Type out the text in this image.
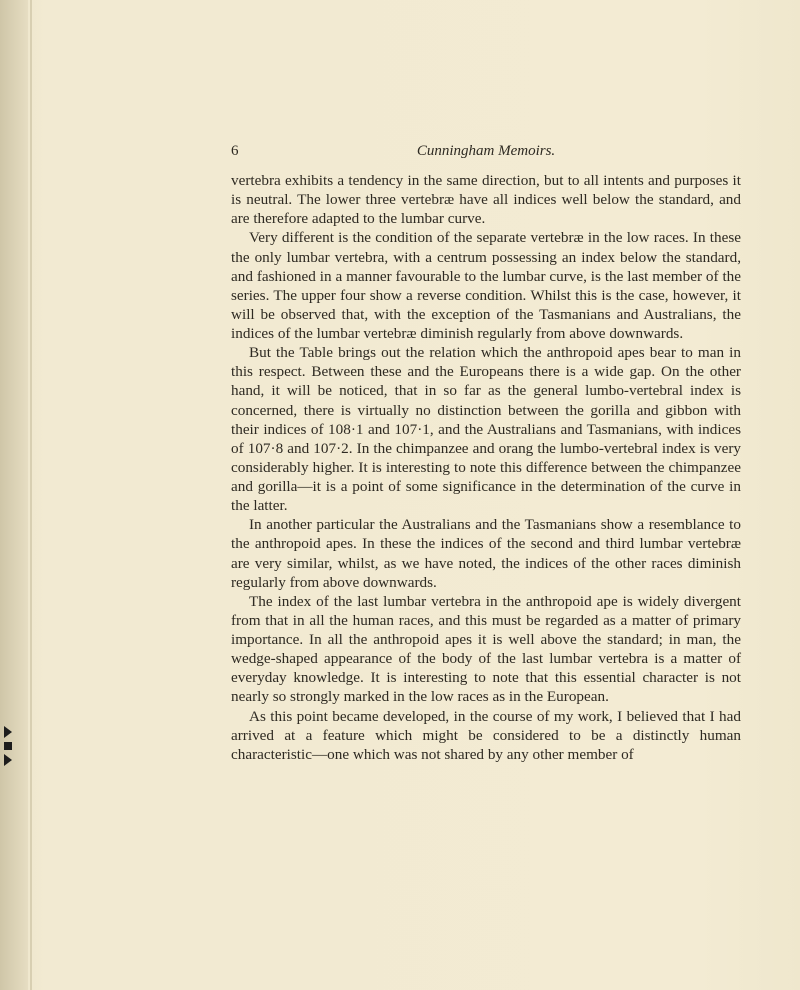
6	Cunningham Memoirs.

vertebra exhibits a tendency in the same direction, but to all intents and purposes it is neutral. The lower three vertebræ have all indices well below the standard, and are therefore adapted to the lumbar curve.

Very different is the condition of the separate vertebræ in the low races. In these the only lumbar vertebra, with a centrum possessing an index below the standard, and fashioned in a manner favourable to the lumbar curve, is the last member of the series. The upper four show a reverse condition. Whilst this is the case, however, it will be observed that, with the exception of the Tasmanians and Australians, the indices of the lumbar vertebræ diminish regularly from above downwards.

But the Table brings out the relation which the anthropoid apes bear to man in this respect. Between these and the Europeans there is a wide gap. On the other hand, it will be noticed, that in so far as the general lumbo-vertebral index is concerned, there is virtually no distinction between the gorilla and gibbon with their indices of 108·1 and 107·1, and the Australians and Tasmanians, with indices of 107·8 and 107·2. In the chimpanzee and orang the lumbo-vertebral index is very considerably higher. It is interesting to note this difference between the chimpanzee and gorilla—it is a point of some significance in the determination of the curve in the latter.

In another particular the Australians and the Tasmanians show a resemblance to the anthropoid apes. In these the indices of the second and third lumbar vertebræ are very similar, whilst, as we have noted, the indices of the other races diminish regularly from above downwards.

The index of the last lumbar vertebra in the anthropoid ape is widely divergent from that in all the human races, and this must be regarded as a matter of primary importance. In all the anthropoid apes it is well above the standard; in man, the wedge-shaped appearance of the body of the last lumbar vertebra is a matter of everyday knowledge. It is interesting to note that this essential character is not nearly so strongly marked in the low races as in the European.

As this point became developed, in the course of my work, I believed that I had arrived at a feature which might be considered to be a distinctly human characteristic—one which was not shared by any other member of
